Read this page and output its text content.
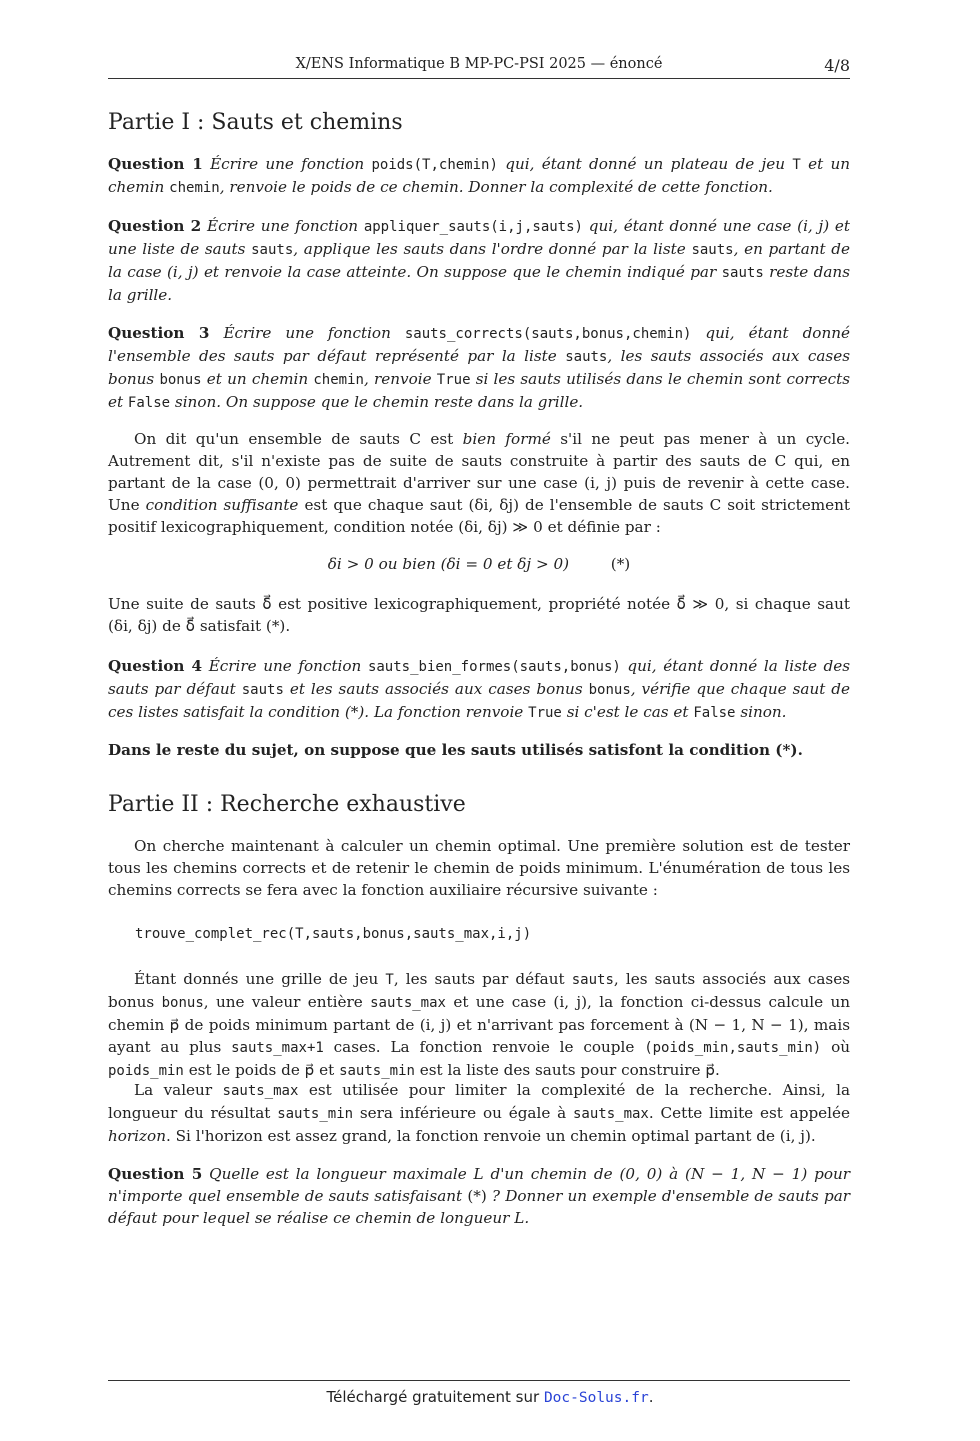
X/ENS Informatique B MP-PC-PSI 2025 — énoncé	4/8
Partie I : Sauts et chemins
Question 1 Écrire une fonction poids(T,chemin) qui, étant donné un plateau de jeu T et un chemin chemin, renvoie le poids de ce chemin. Donner la complexité de cette fonction.
Question 2 Écrire une fonction appliquer_sauts(i,j,sauts) qui, étant donné une case (i, j) et une liste de sauts sauts, applique les sauts dans l'ordre donné par la liste sauts, en partant de la case (i, j) et renvoie la case atteinte. On suppose que le chemin indiqué par sauts reste dans la grille.
Question 3 Écrire une fonction sauts_corrects(sauts,bonus,chemin) qui, étant donné l'ensemble des sauts par défaut représenté par la liste sauts, les sauts associés aux cases bonus bonus et un chemin chemin, renvoie True si les sauts utilisés dans le chemin sont corrects et False sinon. On suppose que le chemin reste dans la grille.
On dit qu'un ensemble de sauts C est bien formé s'il ne peut pas mener à un cycle. Autrement dit, s'il n'existe pas de suite de sauts construite à partir des sauts de C qui, en partant de la case (0, 0) permettrait d'arriver sur une case (i, j) puis de revenir à cette case. Une condition suffisante est que chaque saut (δi, δj) de l'ensemble de sauts C soit strictement positif lexicographiquement, condition notée (δi, δj) ≫ 0 et définie par :
δi > 0 ou bien (δi = 0 et δj > 0)	(*)
Une suite de sauts δ⃗ est positive lexicographiquement, propriété notée δ⃗ ≫ 0, si chaque saut (δi, δj) de δ⃗ satisfait (*).
Question 4 Écrire une fonction sauts_bien_formes(sauts,bonus) qui, étant donné la liste des sauts par défaut sauts et les sauts associés aux cases bonus bonus, vérifie que chaque saut de ces listes satisfait la condition (*). La fonction renvoie True si c'est le cas et False sinon.
Dans le reste du sujet, on suppose que les sauts utilisés satisfont la condition (*).
Partie II : Recherche exhaustive
On cherche maintenant à calculer un chemin optimal. Une première solution est de tester tous les chemins corrects et de retenir le chemin de poids minimum. L'énumération de tous les chemins corrects se fera avec la fonction auxiliaire récursive suivante :
trouve_complet_rec(T,sauts,bonus,sauts_max,i,j)
Étant donnés une grille de jeu T, les sauts par défaut sauts, les sauts associés aux cases bonus bonus, une valeur entière sauts_max et une case (i, j), la fonction ci-dessus calcule un chemin p⃗ de poids minimum partant de (i, j) et n'arrivant pas forcement à (N − 1, N − 1), mais ayant au plus sauts_max+1 cases. La fonction renvoie le couple (poids_min,sauts_min) où poids_min est le poids de p⃗ et sauts_min est la liste des sauts pour construire p⃗.
La valeur sauts_max est utilisée pour limiter la complexité de la recherche. Ainsi, la longueur du résultat sauts_min sera inférieure ou égale à sauts_max. Cette limite est appelée horizon. Si l'horizon est assez grand, la fonction renvoie un chemin optimal partant de (i, j).
Question 5 Quelle est la longueur maximale L d'un chemin de (0, 0) à (N − 1, N − 1) pour n'importe quel ensemble de sauts satisfaisant (*) ? Donner un exemple d'ensemble de sauts par défaut pour lequel se réalise ce chemin de longueur L.
Téléchargé gratuitement sur Doc-Solus.fr.
